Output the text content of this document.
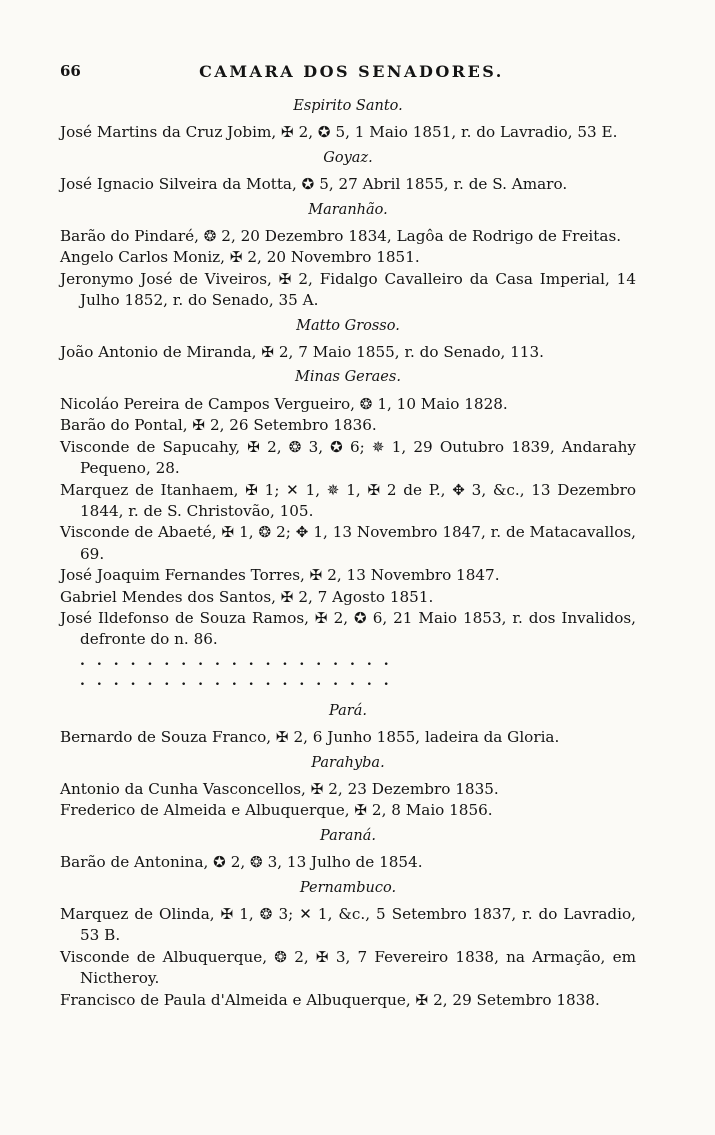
66	CAMARA DOS SENADORES.
Espirito Santo.

José Martins da Cruz Jobim, ✠ 2, ✪ 5, 1 Maio 1851, r. do Lavradio, 53 E.

Goyaz.

José Ignacio Silveira da Motta, ✪ 5, 27 Abril 1855, r. de S. Amaro.

Maranhão.

Barão do Pindaré, ❂ 2, 20 Dezembro 1834, Lagôa de Rodrigo de Freitas.

Angelo Carlos Moniz, ✠ 2, 20 Novembro 1851.

Jeronymo José de Viveiros, ✠ 2, Fidalgo Cavalleiro da Casa Imperial, 14 Julho 1852, r. do Senado, 35 A.

Matto Grosso.

João Antonio de Miranda, ✠ 2, 7 Maio 1855, r. do Senado, 113.

Minas Geraes.

Nicoláo Pereira de Campos Vergueiro, ❂ 1, 10 Maio 1828.

Barão do Pontal, ✠ 2, 26 Setembro 1836.

Visconde de Sapucahy, ✠ 2, ❂ 3, ✪ 6; ✵ 1, 29 Outubro 1839, Andarahy Pequeno, 28.

Marquez de Itanhaem, ✠ 1; ✕ 1, ✵ 1, ✠ 2 de P., ✥ 3, &c., 13 Dezembro 1844, r. de S. Christovão, 105.

Visconde de Abaeté, ✠ 1, ❂ 2; ✥ 1, 13 Novembro 1847, r. de Matacavallos, 69.

José Joaquim Fernandes Torres, ✠ 2, 13 Novembro 1847.

Gabriel Mendes dos Santos, ✠ 2, 7 Agosto 1851.

José Ildefonso de Souza Ramos, ✠ 2, ✪ 6, 21 Maio 1853, r. dos Invalidos, defronte do n. 86.

...................

...................

Pará.

Bernardo de Souza Franco, ✠ 2, 6 Junho 1855, ladeira da Gloria.

Parahyba.

Antonio da Cunha Vasconcellos, ✠ 2, 23 Dezembro 1835.

Frederico de Almeida e Albuquerque, ✠ 2, 8 Maio 1856.

Paraná.

Barão de Antonina, ✪ 2, ❂ 3, 13 Julho de 1854.

Pernambuco.

Marquez de Olinda, ✠ 1, ❂ 3; ✕ 1, &c., 5 Setembro 1837, r. do Lavradio, 53 B.

Visconde de Albuquerque, ❂ 2, ✠ 3, 7 Fevereiro 1838, na Armação, em Nictheroy.

Francisco de Paula d'Almeida e Albuquerque, ✠ 2, 29 Setembro 1838.
